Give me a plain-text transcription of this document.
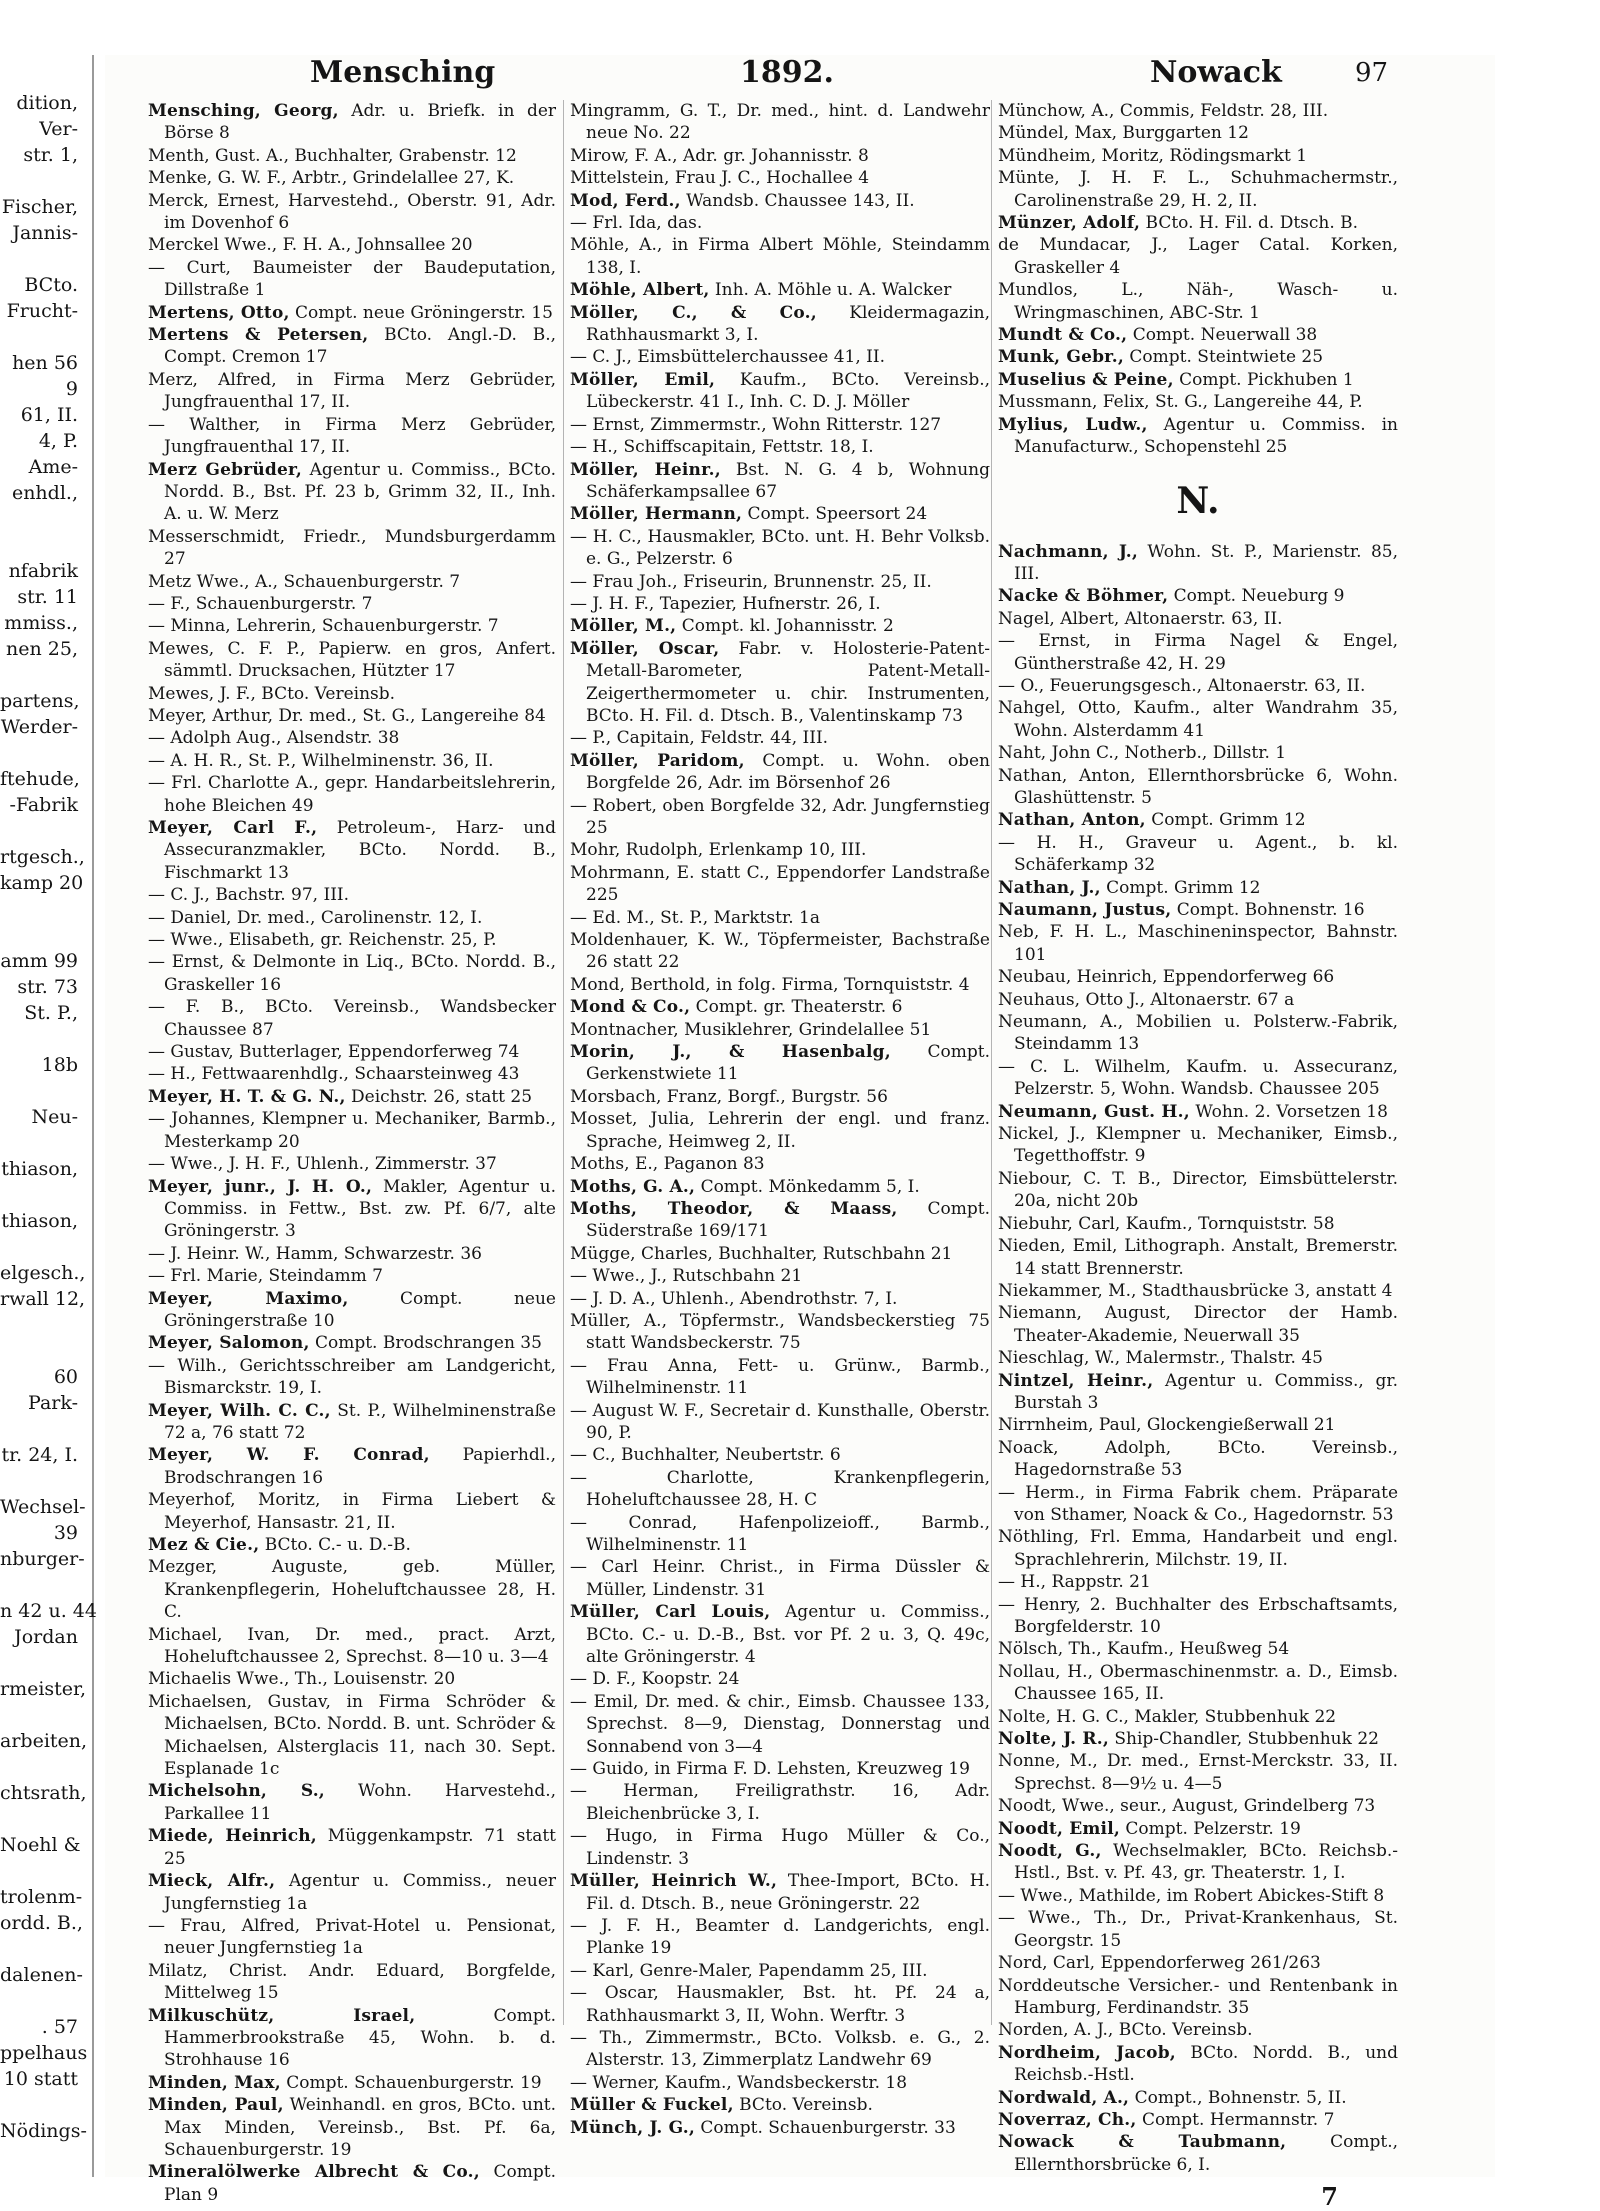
dition,
Ver-
str. 1,
Fischer,
Jannis-
BCto.
Frucht-
hen 56
9
61, II.
4, P.
Ame-
enhdl.,
nfabrik
str. 11
mmiss.,
nen 25,
partens,
Werder-
ftehude,
-Fabrik
rtgesch.,
kamp 20
amm 99
str. 73
St. P.,
18b
Neu-
thiason,
thiason,
elgesch.,
rwall 12,
60
Park-
tr. 24, I.
Wechsel-
39
nburger-
n 42 u. 44
Jordan
rmeister,
arbeiten,
chtsrath,
Noehl &
trolenm-
ordd. B.,
dalenen-
. 57
ppelhaus
10 statt
Nödings-
Mensching	1892.	Nowack	97

Mensching, Georg, Adr. u. Briefk. in der Börse 8

Menth, Gust. A., Buchhalter, Grabenstr. 12

Menke, G. W. F., Arbtr., Grindelallee 27, K.

Merck, Ernest, Harvestehd., Oberstr. 91, Adr. im Dovenhof 6

Merckel Wwe., F. H. A., Johnsallee 20

— Curt, Baumeister der Baudeputation, Dillstraße 1

Mertens, Otto, Compt. neue Gröningerstr. 15

Mertens & Petersen, BCto. Angl.-D. B., Compt. Cremon 17

Merz, Alfred, in Firma Merz Gebrüder, Jungfrauenthal 17, II.

— Walther, in Firma Merz Gebrüder, Jungfrauenthal 17, II.

Merz Gebrüder, Agentur u. Commiss., BCto. Nordd. B., Bst. Pf. 23 b, Grimm 32, II., Inh. A. u. W. Merz

Messerschmidt, Friedr., Mundsburgerdamm 27

Metz Wwe., A., Schauenburgerstr. 7

— F., Schauenburgerstr. 7

— Minna, Lehrerin, Schauenburgerstr. 7

Mewes, C. F. P., Papierw. en gros, Anfert. sämmtl. Drucksachen, Hützter 17

Mewes, J. F., BCto. Vereinsb.

Meyer, Arthur, Dr. med., St. G., Langereihe 84

— Adolph Aug., Alsendstr. 38

— A. H. R., St. P., Wilhelminenstr. 36, II.

— Frl. Charlotte A., gepr. Handarbeitslehrerin, hohe Bleichen 49

Meyer, Carl F., Petroleum-, Harz- und Assecuranzmakler, BCto. Nordd. B., Fischmarkt 13

— C. J., Bachstr. 97, III.

— Daniel, Dr. med., Carolinenstr. 12, I.

— Wwe., Elisabeth, gr. Reichenstr. 25, P.

— Ernst, & Delmonte in Liq., BCto. Nordd. B., Graskeller 16

— F. B., BCto. Vereinsb., Wandsbecker Chaussee 87

— Gustav, Butterlager, Eppendorferweg 74

— H., Fettwaarenhdlg., Schaarsteinweg 43

Meyer, H. T. & G. N., Deichstr. 26, statt 25

— Johannes, Klempner u. Mechaniker, Barmb., Mesterkamp 20

— Wwe., J. H. F., Uhlenh., Zimmerstr. 37

Meyer, junr., J. H. O., Makler, Agentur u. Commiss. in Fettw., Bst. zw. Pf. 6/7, alte Gröningerstr. 3

— J. Heinr. W., Hamm, Schwarzestr. 36

— Frl. Marie, Steindamm 7

Meyer, Maximo,	Compt. neue Gröningerstraße 10

Meyer, Salomon, Compt. Brodschrangen 35

— Wilh., Gerichtsschreiber am Landgericht, Bismarckstr. 19, I.

Meyer, Wilh. C. C., St. P., Wilhelminenstraße 72 a, 76 statt 72

Meyer, W. F. Conrad, Papierhdl., Brodschrangen 16

Meyerhof, Moritz, in Firma Liebert & Meyerhof, Hansastr. 21, II.

Mez & Cie., BCto. C.- u. D.-B.

Mezger, Auguste, geb. Müller, Krankenpflegerin, Hoheluftchaussee 28, H. C.

Michael, Ivan, Dr. med., pract. Arzt, Hoheluftchaussee 2, Sprechst. 8—10 u. 3—4

Michaelis Wwe., Th., Louisenstr. 20

Michaelsen, Gustav, in Firma Schröder & Michaelsen, BCto. Nordd. B. unt. Schröder & Michaelsen, Alsterglacis 11, nach 30. Sept. Esplanade 1c

Michelsohn, S., Wohn. Harvestehd., Parkallee 11

Miede, Heinrich, Müggenkampstr. 71 statt 25

Mieck, Alfr., Agentur u. Commiss., neuer Jungfernstieg 1a

— Frau, Alfred, Privat-Hotel u. Pensionat, neuer Jungfernstieg 1a

Milatz, Christ. Andr. Eduard, Borgfelde, Mittelweg 15

Milkuschütz, Israel,	Compt. Hammerbrookstraße 45, Wohn. b. d. Strohhause 16

Minden, Max, Compt. Schauenburgerstr. 19

Minden, Paul, Weinhandl. en gros, BCto. unt. Max Minden, Vereinsb., Bst. Pf. 6a, Schauenburgerstr. 19

Mineralölwerke Albrecht & Co., Compt. Plan 9

Mingramm, G. T., Dr. med., hint. d. Landwehr neue No. 22

Mirow, F. A., Adr. gr. Johannisstr. 8

Mittelstein, Frau J. C., Hochallee 4

Mod, Ferd., Wandsb. Chaussee 143, II.

— Frl. Ida, das.

Möhle, A., in Firma Albert Möhle, Steindamm 138, I.

Möhle, Albert, Inh. A. Möhle u. A. Walcker

Möller, C., & Co., Kleidermagazin, Rathhausmarkt 3, I.

— C. J., Eimsbüttelerchaussee 41, II.

Möller, Emil, Kaufm., BCto. Vereinsb., Lübeckerstr. 41 I., Inh. C. D. J. Möller

— Ernst, Zimmermstr., Wohn Ritterstr. 127

— H., Schiffscapitain, Fettstr. 18, I.

Möller, Heinr., Bst. N. G. 4 b, Wohnung Schäferkampsallee 67

Möller, Hermann, Compt. Speersort 24

— H. C., Hausmakler, BCto. unt. H. Behr Volksb. e. G., Pelzerstr. 6

— Frau Joh., Friseurin, Brunnenstr. 25, II.

— J. H. F., Tapezier, Hufnerstr. 26, I.

Möller, M., Compt. kl. Johannisstr. 2

Möller, Oscar, Fabr. v. Holosterie-Patent-Metall-Barometer, Patent-Metall-Zeigerthermometer u. chir. Instrumenten, BCto. H. Fil. d. Dtsch. B., Valentinskamp 73

— P., Capitain, Feldstr. 44, III.

Möller, Paridom, Compt. u. Wohn. oben Borgfelde 26, Adr. im Börsenhof 26

— Robert, oben Borgfelde 32, Adr. Jungfernstieg 25

Mohr, Rudolph, Erlenkamp 10, III.

Mohrmann, E. statt C., Eppendorfer Landstraße 225

— Ed. M., St. P., Marktstr. 1a

Moldenhauer, K. W., Töpfermeister, Bachstraße 26 statt 22

Mond, Berthold, in folg. Firma, Tornquiststr. 4

Mond & Co., Compt. gr. Theaterstr. 6

Montnacher, Musiklehrer, Grindelallee 51

Morin, J., & Hasenbalg, Compt. Gerkenstwiete 11

Morsbach, Franz, Borgf., Burgstr. 56

Mosset, Julia, Lehrerin der engl. und franz. Sprache, Heimweg 2, II.

Moths, E., Paganon 83

Moths, G. A., Compt. Mönkedamm 5, I.

Moths, Theodor, & Maass, Compt. Süderstraße 169/171

Mügge, Charles, Buchhalter, Rutschbahn 21

— Wwe., J., Rutschbahn 21

— J. D. A., Uhlenh., Abendrothstr. 7, I.

Müller, A., Töpfermstr., Wandsbeckerstieg 75 statt Wandsbeckerstr. 75

— Frau Anna, Fett- u. Grünw., Barmb., Wilhelminenstr. 11

— August W. F., Secretair d. Kunsthalle, Oberstr. 90, P.

— C., Buchhalter, Neubertstr. 6

— Charlotte, Krankenpflegerin, Hoheluftchaussee 28, H. C

— Conrad, Hafenpolizeioff., Barmb., Wilhelminenstr. 11

— Carl Heinr. Christ., in Firma Düssler & Müller, Lindenstr. 31

Müller, Carl Louis, Agentur u. Commiss., BCto. C.- u. D.-B., Bst. vor Pf. 2 u. 3, Q. 49c, alte Gröningerstr. 4

— D. F., Koopstr. 24

— Emil, Dr. med. & chir., Eimsb. Chaussee 133, Sprechst. 8—9, Dienstag, Donnerstag und Sonnabend von 3—4

— Guido, in Firma F. D. Lehsten, Kreuzweg 19

— Herman, Freiligrathstr. 16, Adr. Bleichenbrücke 3, I.

— Hugo, in Firma Hugo Müller & Co., Lindenstr. 3

Müller, Heinrich W., Thee-Import, BCto. H. Fil. d. Dtsch. B., neue Gröningerstr. 22

— J. F. H., Beamter d. Landgerichts, engl. Planke 19

— Karl, Genre-Maler, Papendamm 25, III.

— Oscar, Hausmakler, Bst. ht. Pf. 24 a, Rathhausmarkt 3, II, Wohn. Werftr. 3

— Th., Zimmermstr., BCto. Volksb. e. G., 2. Alsterstr. 13, Zimmerplatz Landwehr 69

— Werner, Kaufm., Wandsbeckerstr. 18

Müller & Fuckel, BCto. Vereinsb.

Münch, J. G., Compt. Schauenburgerstr. 33

Münchow, A., Commis, Feldstr. 28, III.

Mündel, Max, Burggarten 12

Mündheim, Moritz, Rödingsmarkt 1

Münte, J. H. F. L., Schuhmachermstr., Carolinenstraße 29, H. 2, II.

Münzer, Adolf, BCto. H. Fil. d. Dtsch. B.

de Mundacar, J., Lager Catal. Korken, Graskeller 4

Mundlos, L., Näh-, Wasch- u. Wringmaschinen, ABC-Str. 1

Mundt & Co., Compt. Neuerwall 38

Munk, Gebr., Compt. Steintwiete 25

Muselius & Peine, Compt. Pickhuben 1

Mussmann, Felix, St. G., Langereihe 44, P.

Mylius, Ludw., Agentur u. Commiss. in Manufacturw., Schopenstehl 25

N.

Nachmann, J., Wohn. St. P., Marienstr. 85, III.

Nacke & Böhmer, Compt. Neueburg 9

Nagel, Albert, Altonaerstr. 63, II.

— Ernst, in Firma Nagel & Engel, Güntherstraße 42, H. 29

— O., Feuerungsgesch., Altonaerstr. 63, II.

Nahgel, Otto, Kaufm., alter Wandrahm 35, Wohn. Alsterdamm 41

Naht, John C., Notherb., Dillstr. 1

Nathan, Anton, Ellernthorsbrücke 6, Wohn. Glashüttenstr. 5

Nathan, Anton, Compt. Grimm 12

— H. H., Graveur u. Agent., b. kl. Schäferkamp 32

Nathan, J., Compt. Grimm 12

Naumann, Justus, Compt. Bohnenstr. 16

Neb, F. H. L., Maschineninspector, Bahnstr. 101

Neubau, Heinrich, Eppendorferweg 66

Neuhaus, Otto J., Altonaerstr. 67 a

Neumann, A., Mobilien u. Polsterw.-Fabrik, Steindamm 13

— C. L. Wilhelm, Kaufm. u. Assecuranz, Pelzerstr. 5, Wohn. Wandsb. Chaussee 205

Neumann, Gust. H., Wohn. 2. Vorsetzen 18

Nickel, J., Klempner u. Mechaniker, Eimsb., Tegetthoffstr. 9

Niebour, C. T. B., Director, Eimsbüttelerstr. 20a, nicht 20b

Niebuhr, Carl, Kaufm., Tornquiststr. 58

Nieden, Emil, Lithograph. Anstalt, Bremerstr. 14 statt Brennerstr.

Niekammer, M., Stadthausbrücke 3, anstatt 4

Niemann, August, Director der Hamb. Theater-Akademie, Neuerwall 35

Nieschlag, W., Malermstr., Thalstr. 45

Nintzel, Heinr., Agentur u. Commiss., gr. Burstah 3

Nirrnheim, Paul, Glockengießerwall 21

Noack, Adolph, BCto. Vereinsb., Hagedornstraße 53

— Herm., in Firma Fabrik chem. Präparate von Sthamer, Noack & Co., Hagedornstr. 53

Nöthling, Frl. Emma, Handarbeit und engl. Sprachlehrerin, Milchstr. 19, II.

— H., Rappstr. 21

— Henry, 2. Buchhalter des Erbschaftsamts, Borgfelderstr. 10

Nölsch, Th., Kaufm., Heußweg 54

Nollau, H., Obermaschinenmstr. a. D., Eimsb. Chaussee 165, II.

Nolte, H. G. C., Makler, Stubbenhuk 22

Nolte, J. R., Ship-Chandler, Stubbenhuk 22

Nonne, M., Dr. med., Ernst-Merckstr. 33, II. Sprechst. 8—9½ u. 4—5

Noodt, Wwe., seur., August, Grindelberg 73

Noodt, Emil, Compt. Pelzerstr. 19

Noodt, G., Wechselmakler, BCto. Reichsb.-Hstl., Bst. v. Pf. 43, gr. Theaterstr. 1, I.

— Wwe., Mathilde, im Robert Abickes-Stift 8

— Wwe., Th., Dr., Privat-Krankenhaus, St. Georgstr. 15

Nord, Carl, Eppendorferweg 261/263

Norddeutsche Versicher.- und Rentenbank in Hamburg, Ferdinandstr. 35

Norden, A. J., BCto. Vereinsb.

Nordheim, Jacob, BCto. Nordd. B., und Reichsb.-Hstl.

Nordwald, A., Compt., Bohnenstr. 5, II.

Noverraz, Ch., Compt. Hermannstr. 7

Nowack & Taubmann,	Compt., Ellernthorsbrücke 6, I.

7
